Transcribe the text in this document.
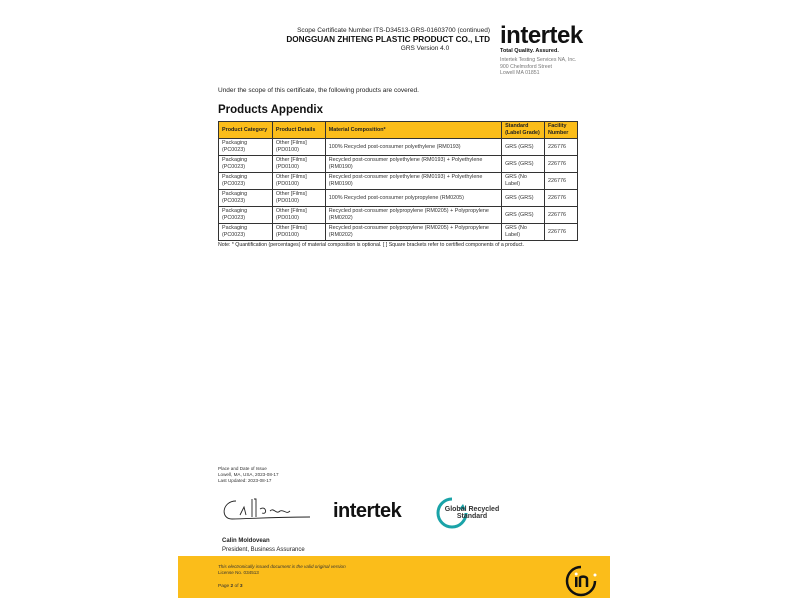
Scope Certificate Number ITS-D34513-GRS-01603700 (continued)
DONGGUAN ZHITENG PLASTIC PRODUCT CO., LTD
GRS Version 4.0	intertek
Total Quality. Assured.
Intertek Testing Services NA, Inc.
900 Chelmsford Street
Lowell MA 01851
Under the scope of this certificate, the following products are covered.
Products Appendix
Product Category	Product Details	Material Composition*	Standard (Label Grade)	Facility Number
Packaging (PC0023)	Other [Films] (PD0100)	100% Recycled post-consumer polyethylene (RM0193)	GRS (GRS)	226776
Packaging (PC0023)	Other [Films] (PD0100)	Recycled post-consumer polyethylene (RM0193) + Polyethylene (RM0190)	GRS (GRS)	226776
Packaging (PC0023)	Other [Films] (PD0100)	Recycled post-consumer polyethylene (RM0193) + Polyethylene (RM0190)	GRS (No Label)	226776
Packaging (PC0023)	Other [Films] (PD0100)	100% Recycled post-consumer polypropylene (RM0205)	GRS (GRS)	226776
Packaging (PC0023)	Other [Films] (PD0100)	Recycled post-consumer polypropylene (RM0205) + Polypropylene (RM0202)	GRS (GRS)	226776
Packaging (PC0023)	Other [Films] (PD0100)	Recycled post-consumer polypropylene (RM0205) + Polypropylene (RM0202)	GRS (No Label)	226776
Note: * Quantification (percentages) of material composition is optional. [ ] Square brackets refer to certified components of a product.
Place and Date of Issue
Lowell, MA, USA, 2023-08-17
Last Updated: 2023-08-17
intertek	Global Recycled Standard
Calin Moldovean
President, Business Assurance
This electronically issued document is the valid original version
License No. 034513
Page 2 of 3
